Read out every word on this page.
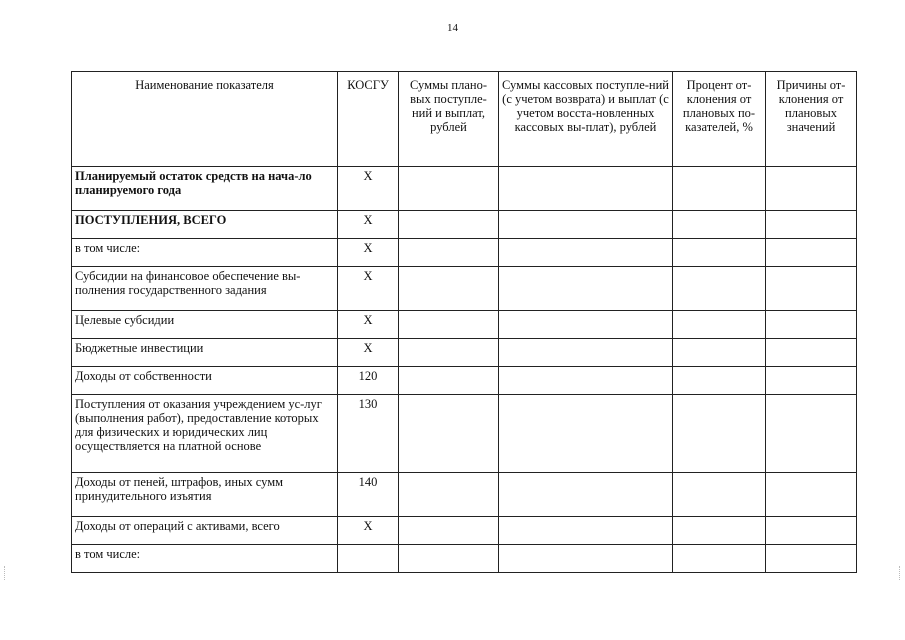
14
Наименование показателя	КОСГУ	Суммы плано-вых поступле-ний и выплат, рублей	Суммы кассовых поступле-ний (с учетом возврата) и выплат (с учетом восста-новленных кассовых вы-плат), рублей	Процент от-клонения от плановых по-казателей, %	Причины от-клонения от плановых значений
Планируемый остаток средств на нача-ло планируемого года	X				
ПОСТУПЛЕНИЯ, ВСЕГО	X				
в том числе:	X				
Субсидии на финансовое обеспечение вы-полнения государственного задания	X				
Целевые субсидии	X				
Бюджетные инвестиции	X				
Доходы от собственности	120				
Поступления от оказания учреждением ус-луг (выполнения работ), предоставление которых для физических и юридических лиц осуществляется на платной основе	130				
Доходы от пеней, штрафов, иных сумм принудительного изъятия	140				
Доходы от операций с активами, всего	X				
в том числе:					
